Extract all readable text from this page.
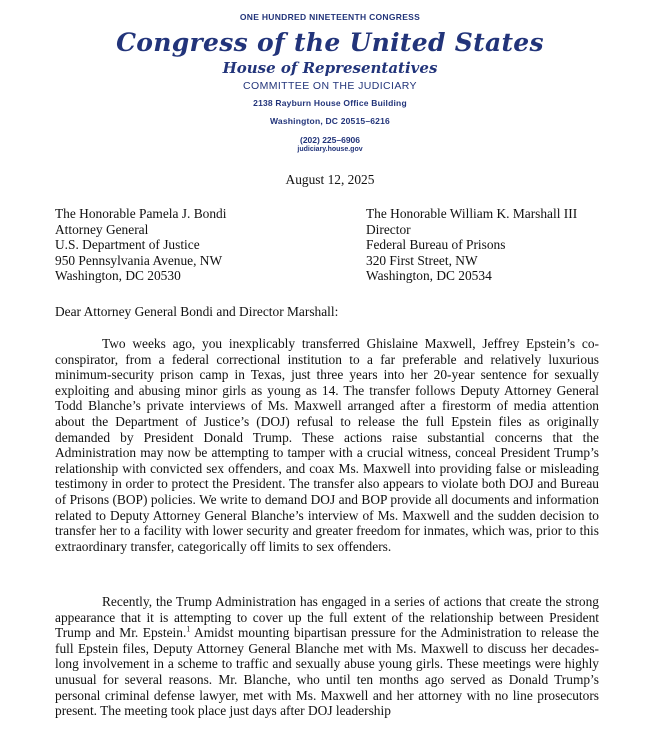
ONE HUNDRED NINETEENTH CONGRESS
Congress of the United States
House of Representatives
COMMITTEE ON THE JUDICIARY
2138 Rayburn House Office Building
Washington, DC 20515–6216
(202) 225–6906
judiciary.house.gov
August 12, 2025
The Honorable Pamela J. Bondi
Attorney General
U.S. Department of Justice
950 Pennsylvania Avenue, NW
Washington, DC 20530
The Honorable William K. Marshall III
Director
Federal Bureau of Prisons
320 First Street, NW
Washington, DC 20534
Dear Attorney General Bondi and Director Marshall:
Two weeks ago, you inexplicably transferred Ghislaine Maxwell, Jeffrey Epstein’s co-conspirator, from a federal correctional institution to a far preferable and relatively luxurious minimum-security prison camp in Texas, just three years into her 20-year sentence for sexually exploiting and abusing minor girls as young as 14. The transfer follows Deputy Attorney General Todd Blanche’s private interviews of Ms. Maxwell arranged after a firestorm of media attention about the Department of Justice’s (DOJ) refusal to release the full Epstein files as originally demanded by President Donald Trump. These actions raise substantial concerns that the Administration may now be attempting to tamper with a crucial witness, conceal President Trump’s relationship with convicted sex offenders, and coax Ms. Maxwell into providing false or misleading testimony in order to protect the President. The transfer also appears to violate both DOJ and Bureau of Prisons (BOP) policies. We write to demand DOJ and BOP provide all documents and information related to Deputy Attorney General Blanche’s interview of Ms. Maxwell and the sudden decision to transfer her to a facility with lower security and greater freedom for inmates, which was, prior to this extraordinary transfer, categorically off limits to sex offenders.
Recently, the Trump Administration has engaged in a series of actions that create the strong appearance that it is attempting to cover up the full extent of the relationship between President Trump and Mr. Epstein.$^1$ Amidst mounting bipartisan pressure for the Administration to release the full Epstein files, Deputy Attorney General Blanche met with Ms. Maxwell to discuss her decades-long involvement in a scheme to traffic and sexually abuse young girls. These meetings were highly unusual for several reasons. Mr. Blanche, who until ten months ago served as Donald Trump’s personal criminal defense lawyer, met with Ms. Maxwell and her attorney with no line prosecutors present. The meeting took place just days after DOJ leadership
